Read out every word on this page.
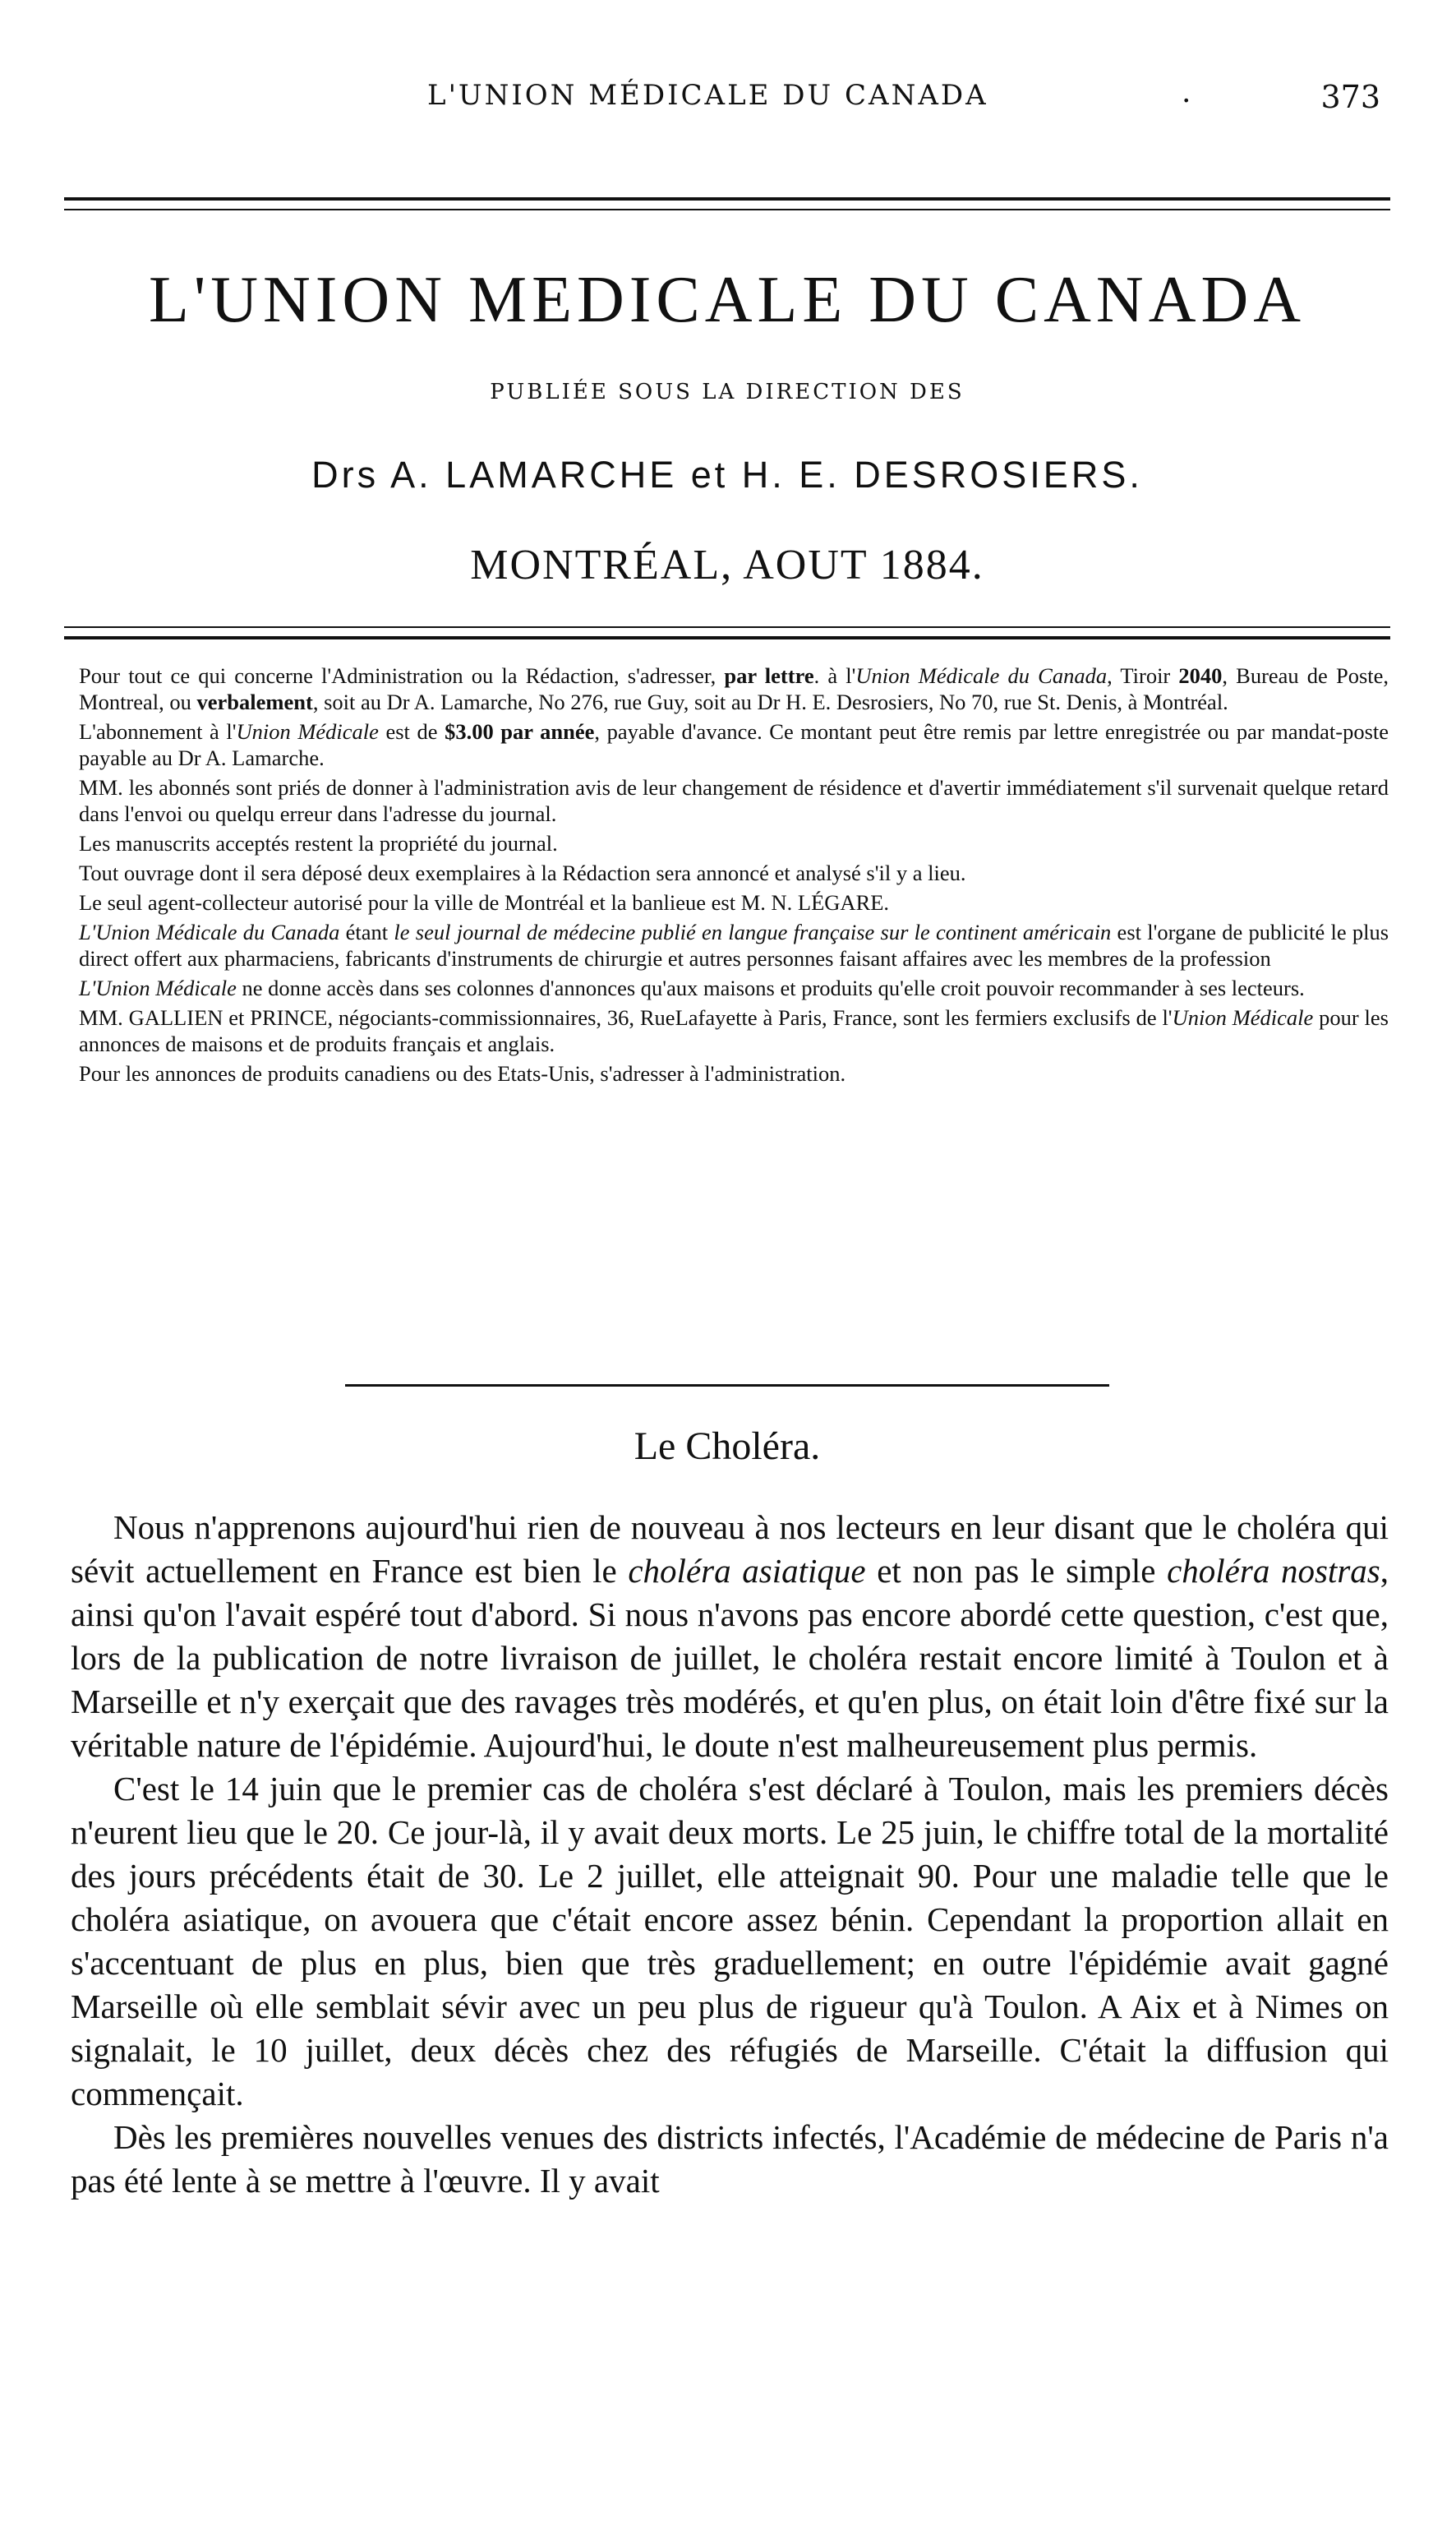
L'UNION MÉDICALE DU CANADA	.	373
L'UNION MEDICALE DU CANADA
PUBLIÉE SOUS LA DIRECTION DES
Drs A. LAMARCHE et H. E. DESROSIERS.
MONTRÉAL, AOUT 1884.

Pour tout ce qui concerne l'Administration ou la Rédaction, s'adresser, par lettre. à l'Union Médicale du Canada, Tiroir 2040, Bureau de Poste, Montreal, ou verbalement, soit au Dr A. Lamarche, No 276, rue Guy, soit au Dr H. E. Desrosiers, No 70, rue St. Denis, à Montréal.

L'abonnement à l'Union Médicale est de $3.00 par année, payable d'avance. Ce montant peut être remis par lettre enregistrée ou par mandat-poste payable au Dr A. Lamarche.

MM. les abonnés sont priés de donner à l'administration avis de leur changement de résidence et d'avertir immédiatement s'il survenait quelque retard dans l'envoi ou quelqu erreur dans l'adresse du journal.

Les manuscrits acceptés restent la propriété du journal.

Tout ouvrage dont il sera déposé deux exemplaires à la Rédaction sera annoncé et analysé s'il y a lieu.

Le seul agent-collecteur autorisé pour la ville de Montréal et la banlieue est M. N. LÉGARE.

L'Union Médicale du Canada étant le seul journal de médecine publié en langue française sur le continent américain est l'organe de publicité le plus direct offert aux pharmaciens, fabricants d'instruments de chirurgie et autres personnes faisant affaires avec les membres de la profession

L'Union Médicale ne donne accès dans ses colonnes d'annonces qu'aux maisons et produits qu'elle croit pouvoir recommander à ses lecteurs.

MM. GALLIEN et PRINCE, négociants-commissionnaires, 36, RueLafayette à Paris, France, sont les fermiers exclusifs de l'Union Médicale pour les annonces de maisons et de produits français et anglais.

Pour les annonces de produits canadiens ou des Etats-Unis, s'adresser à l'administration.

Le Choléra.

Nous n'apprenons aujourd'hui rien de nouveau à nos lecteurs en leur disant que le choléra qui sévit actuellement en France est bien le choléra asiatique et non pas le simple choléra nostras, ainsi qu'on l'avait espéré tout d'abord. Si nous n'avons pas encore abordé cette question, c'est que, lors de la publication de notre livraison de juillet, le choléra restait encore limité à Toulon et à Marseille et n'y exerçait que des ravages très modérés, et qu'en plus, on était loin d'être fixé sur la véritable nature de l'épidémie. Aujourd'hui, le doute n'est malheureusement plus permis.

C'est le 14 juin que le premier cas de choléra s'est déclaré à Toulon, mais les premiers décès n'eurent lieu que le 20. Ce jour-là, il y avait deux morts. Le 25 juin, le chiffre total de la mortalité des jours précédents était de 30. Le 2 juillet, elle atteignait 90. Pour une maladie telle que le choléra asiatique, on avouera que c'était encore assez bénin. Cependant la proportion allait en s'accentuant de plus en plus, bien que très graduellement; en outre l'épidémie avait gagné Marseille où elle semblait sévir avec un peu plus de rigueur qu'à Toulon. A Aix et à Nimes on signalait, le 10 juillet, deux décès chez des réfugiés de Marseille. C'était la diffusion qui commençait.

Dès les premières nouvelles venues des districts infectés, l'Académie de médecine de Paris n'a pas été lente à se mettre à l'œuvre. Il y avait
